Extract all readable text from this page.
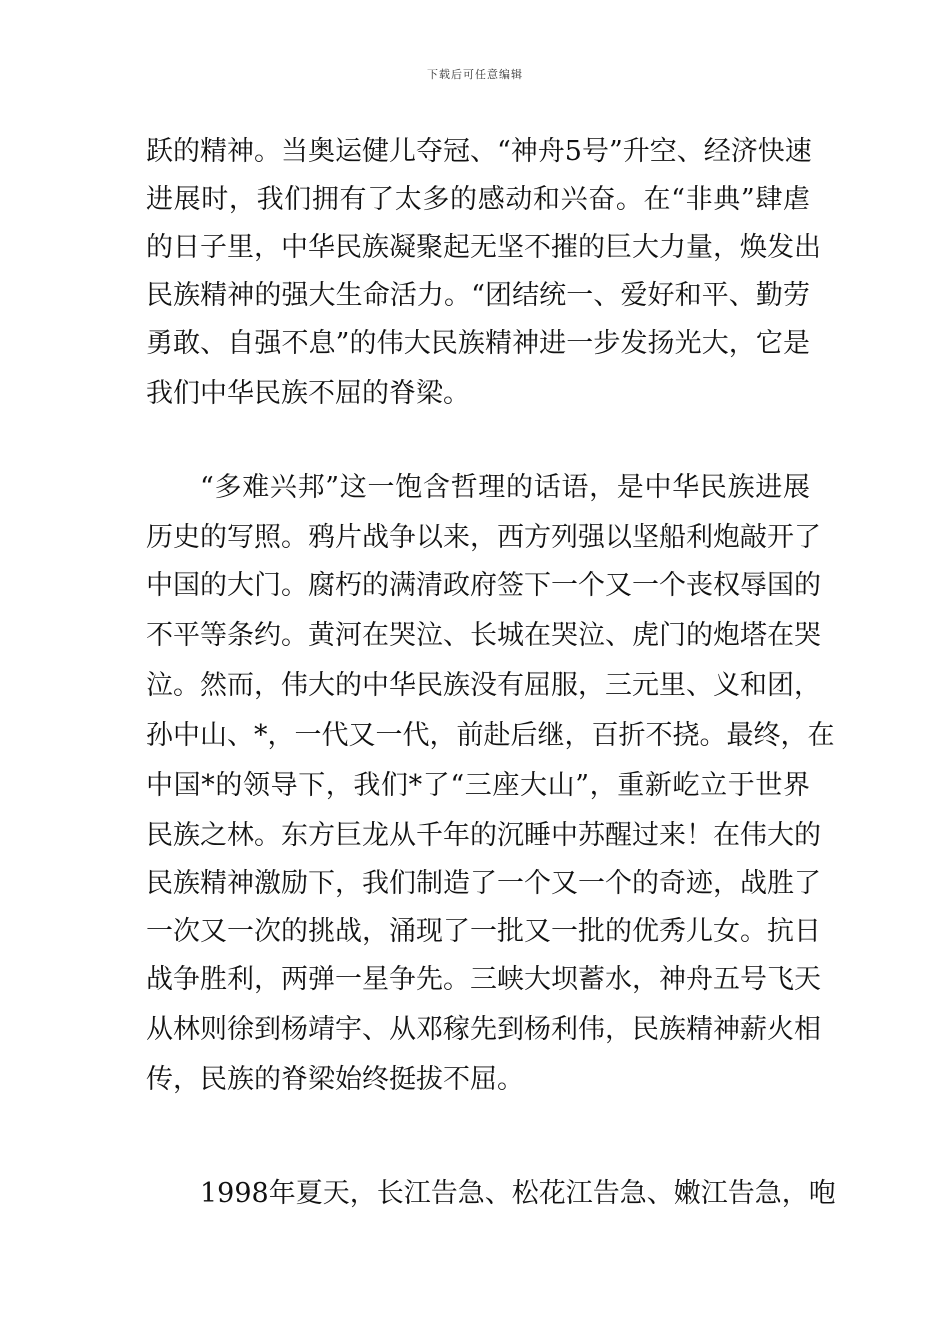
下载后可任意编辑
跃的精神。当奥运健儿夺冠、“神舟5号”升空、经济快速
进展时，我们拥有了太多的感动和兴奋。在“非典”肆虐
的日子里，中华民族凝聚起无坚不摧的巨大力量，焕发出
民族精神的强大生命活力。“团结统一、爱好和平、勤劳
勇敢、自强不息”的伟大民族精神进一步发扬光大，它是
我们中华民族不屈的脊梁。
“多难兴邦”这一饱含哲理的话语，是中华民族进展
历史的写照。鸦片战争以来，西方列强以坚船利炮敲开了
中国的大门。腐朽的满清政府签下一个又一个丧权辱国的
不平等条约。黄河在哭泣、长城在哭泣、虎门的炮塔在哭
泣。然而，伟大的中华民族没有屈服，三元里、义和团，
孙中山、*，一代又一代，前赴后继，百折不挠。最终，在
中国*的领导下，我们*了“三座大山”，重新屹立于世界
民族之林。东方巨龙从千年的沉睡中苏醒过来！在伟大的
民族精神激励下，我们制造了一个又一个的奇迹，战胜了
一次又一次的挑战，涌现了一批又一批的优秀儿女。抗日
战争胜利，两弹一星争先。三峡大坝蓄水，神舟五号飞天
从林则徐到杨靖宇、从邓稼先到杨利伟，民族精神薪火相
传，民族的脊梁始终挺拔不屈。
1998年夏天，长江告急、松花江告急、嫩江告急，咆
